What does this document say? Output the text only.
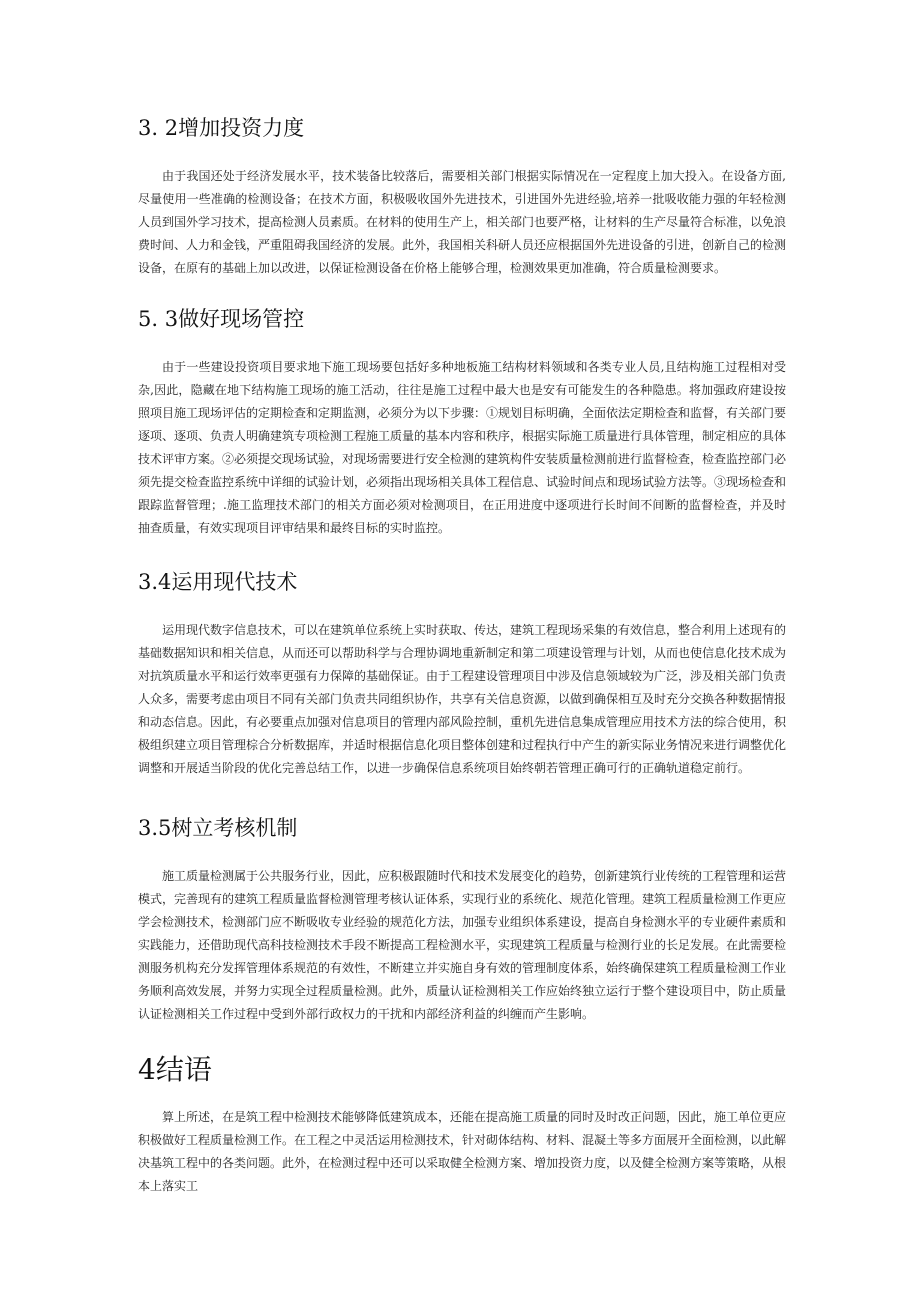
3. 2增加投资力度

由于我国还处于经济发展水平，技术装备比较落后，需要相关部门根据实际情况在一定程度上加大投入。在设备方面,尽量使用一些准确的检测设备；在技术方面，积极吸收国外先进技术，引进国外先进经验,培养一批吸收能力强的年轻检测人员到国外学习技术，提高检测人员素质。在材料的使用生产上，相关部门也要严格，让材料的生产尽量符合标准，以免浪费时间、人力和金钱，严重阻碍我国经济的发展。此外，我国相关科研人员还应根据国外先进设备的引进，创新自己的检测设备，在原有的基础上加以改进，以保证检测设备在价格上能够合理，检测效果更加准确，符合质量检测要求。

5. 3做好现场管控

由于一些建设投资项目要求地下施工现场要包括好多种地板施工结构材料领域和各类专业人员,且结构施工过程相对受杂,因此，隐藏在地下结构施工现场的施工活动，往往是施工过程中最大也是安有可能发生的各种隐患。将加强政府建设按照项目施工现场评估的定期检查和定期监测，必须分为以下步骤：①规划目标明确，全面依法定期检查和监督，有关部门要逐项、逐项、负责人明确建筑专项检测工程施工质量的基本内容和秩序，根据实际施工质量进行具体管理，制定相应的具体技术评审方案。②必须提交现场试验，对现场需要进行安全检测的建筑构件安装质量检测前进行监督检查，检查监控部门必须先提交检查监控系统中详细的试验计划，必须指出现场相关具体工程信息、试验时间点和现场试验方法等。③现场检查和跟踪监督管理；.施工监理技术部门的相关方面必须对检测项目，在正用进度中逐项进行长时间不间断的监督检查，并及时抽查质量，有效实现项目评审结果和最终目标的实时监控。

3.4运用现代技术

运用现代数字信息技术，可以在建筑单位系统上实时获取、传达，建筑工程现场采集的有效信息，整合利用上述现有的基础数据知识和相关信息，从而还可以帮助科学与合理协调地重新制定和第二项建设管理与计划，从而也使信息化技术成为对抗筑质量水平和运行效率更强有力保障的基础保证。由于工程建设管理项目中涉及信息领域较为广泛，涉及相关部门负责人众多，需要考虑由项目不同有关部门负责共同组织协作，共享有关信息资源，以做到确保相互及时充分交换各种数据情报和动态信息。因此，有必要重点加强对信息项目的管理内部风险控制，重机先进信息集成管理应用技术方法的综合使用，积极组织建立项目管理棕合分析数据库，并适时根据信息化项目整体创建和过程执行中产生的新实际业务情况来进行调整优化调整和开展适当阶段的优化完善总结工作，以进一步确保信息系统项目始终朝若管理正确可行的正确轨道稳定前行。

3.5树立考核机制

施工质量检测属于公共服务行业，因此，应积极跟随时代和技术发展变化的趋势，创新建筑行业传统的工程管理和运营模式，完善现有的建筑工程质量监督检测管理考核认证体系，实现行业的系统化、规范化管理。建筑工程质量检测工作更应学会检测技术，检测部门应不断吸收专业经验的规范化方法，加强专业组织体系建设，提高自身检测水平的专业硬件素质和实践能力，还借助现代高科技检测技术手段不断提高工程检测水平，实现建筑工程质量与检测行业的长足发展。在此需要检测服务机构充分发挥管理体系规范的有效性，不断建立并实施自身有效的管理制度体系，始终确保建筑工程质量检测工作业务顺利高效发展，并努力实现全过程质量检测。此外，质量认证检测相关工作应始终独立运行于整个建设项目中，防止质量认证检测相关工作过程中受到外部行政权力的干扰和内部经济利益的纠缠而产生影响。

4结语

算上所述，在是筑工程中检测技术能够降低建筑成本，还能在提高施工质量的同时及时改正问题，因此，施工单位更应积极做好工程质量检测工作。在工程之中灵活运用检测技术，针对砌体结构、材料、混凝土等多方面展开全面检测，以此解决基筑工程中的各类问题。此外，在检测过程中还可以采取健全检测方案、增加投资力度，以及健全检测方案等策略，从根本上落实工
